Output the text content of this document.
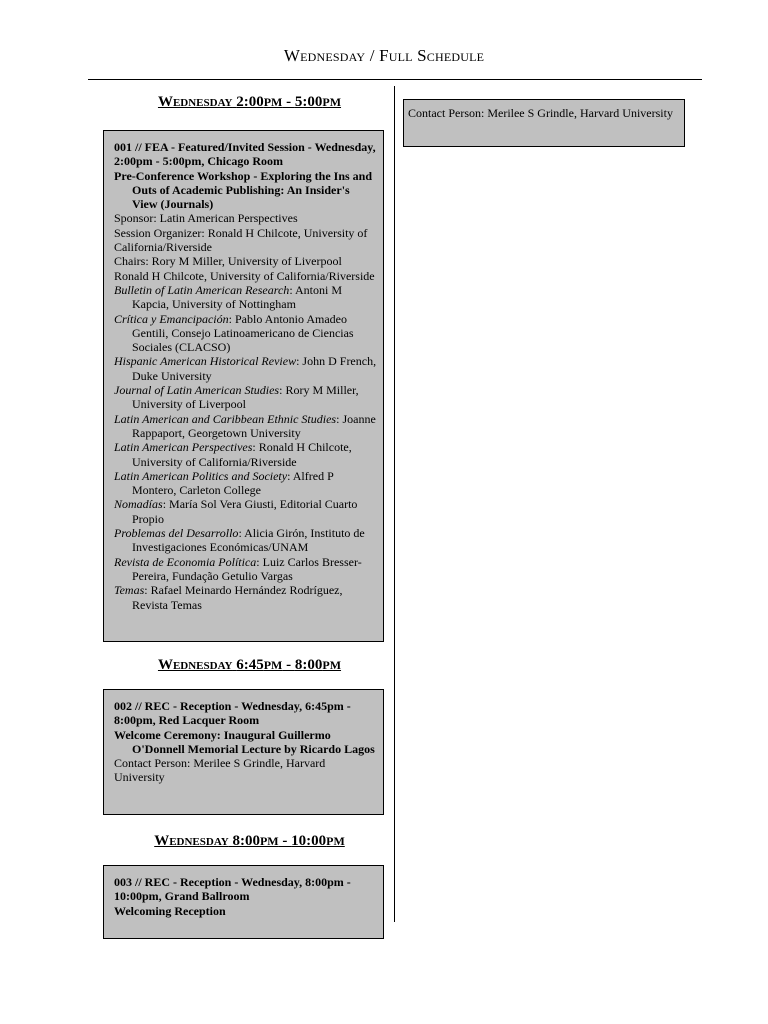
Wednesday / Full Schedule
Wednesday 2:00PM - 5:00PM
001 // FEA - Featured/Invited Session - Wednesday, 2:00pm - 5:00pm, Chicago Room
Pre-Conference Workshop - Exploring the Ins and Outs of Academic Publishing: An Insider's View (Journals)
Sponsor: Latin American Perspectives
Session Organizer: Ronald H Chilcote, University of California/Riverside
Chairs: Rory M Miller, University of Liverpool
Ronald H Chilcote, University of California/Riverside
Bulletin of Latin American Research: Antoni M Kapcia, University of Nottingham
Crítica y Emancipación: Pablo Antonio Amadeo Gentili, Consejo Latinoamericano de Ciencias Sociales (CLACSO)
Hispanic American Historical Review: John D French, Duke University
Journal of Latin American Studies: Rory M Miller, University of Liverpool
Latin American and Caribbean Ethnic Studies: Joanne Rappaport, Georgetown University
Latin American Perspectives: Ronald H Chilcote, University of California/Riverside
Latin American Politics and Society: Alfred P Montero, Carleton College
Nomadías: María Sol Vera Giusti, Editorial Cuarto Propio
Problemas del Desarrollo: Alicia Girón, Instituto de Investigaciones Económicas/UNAM
Revista de Economia Política: Luiz Carlos Bresser-Pereira, Fundação Getulio Vargas
Temas: Rafael Meinardo Hernández Rodríguez, Revista Temas
Wednesday 6:45PM - 8:00PM
002 // REC - Reception - Wednesday, 6:45pm - 8:00pm, Red Lacquer Room
Welcome Ceremony: Inaugural Guillermo O'Donnell Memorial Lecture by Ricardo Lagos
Contact Person: Merilee S Grindle, Harvard University
Wednesday 8:00PM - 10:00PM
003 // REC - Reception - Wednesday, 8:00pm - 10:00pm, Grand Ballroom
Welcoming Reception
Contact Person: Merilee S Grindle, Harvard University
